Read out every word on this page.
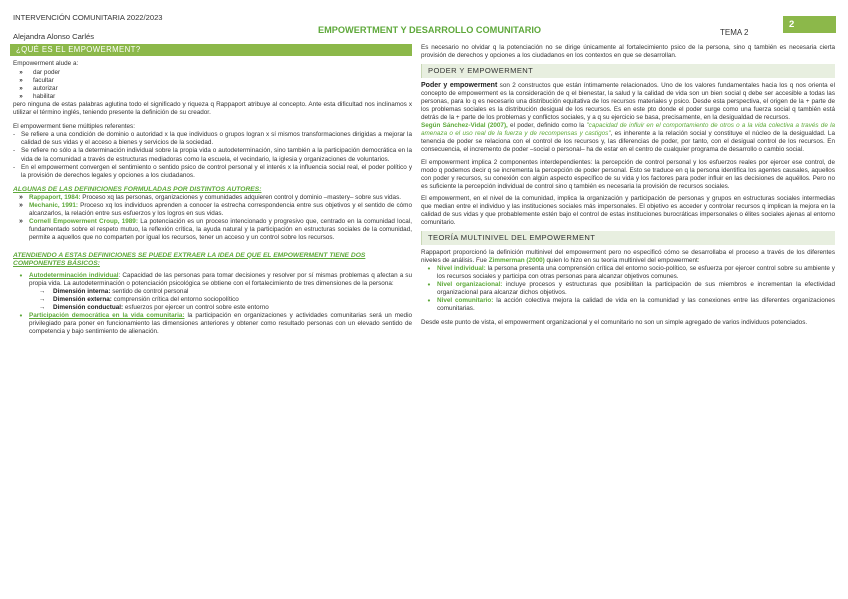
INTERVENCIÓN COMUNITARIA 2022/2023
Alejandra Alonso Carlés
EMPOWERTMENT Y DESARROLLO COMUNITARIO	TEMA 2
2
¿QUÉ ES EL EMPOWERMENT?

Empowerment alude a:

»	dar poder
»	facultar
»	autorizar
»	habilitar

pero ninguna de estas palabras aglutina todo el significado y riqueza q Rappaport atribuye al concepto. Ante esta dificultad nos inclinamos x utilizar el término inglés, teniendo presente la definición de su creador.

El empowerment tiene múltiples referentes:

- Se refiere a una condición de dominio o autoridad x la que individuos o grupos logran x sí mismos transformaciones dirigidas a mejorar la calidad de sus vidas y el acceso a bienes y servicios de la sociedad.
- Se refiere no sólo a la determinación individual sobre la propia vida o autodeterminación, sino también a la participación democrática en la vida de la comunidad a través de estructuras mediadoras como la escuela, el vecindario, la iglesia y organizaciones de voluntarios.
- En el empowerment convergen el sentimiento o sentido psico de control personal y el interés x la influencia social real, el poder político y la provisión de derechos legales y opciones a los ciudadanos.

ALGUNAS DE LAS DEFINICIONES FORMULADAS POR DISTINTOS AUTORES:

» Rappaport, 1984: Proceso xq las personas, organizaciones y comunidades adquieren control y dominio –mastery– sobre sus vidas.
» Mechanic, 1991: Proceso xq los individuos aprenden a conocer la estrecha correspondencia entre sus objetivos y el sentido de cómo alcanzarlos, la relación entre sus esfuerzos y los logros en sus vidas.
» Cornell Empowerment Croup, 1989: La potenciación es un proceso intencionado y progresivo que, centrado en la comunidad local, fundamentado sobre el respeto mutuo, la reflexión crítica, la ayuda natural y la participación en estructuras sociales de la comunidad, permite a aquellos que no comparten por igual los recursos, tener un acceso y un control sobre los recursos.

ATENDIENDO A ESTAS DEFINICIONES SE PUEDE EXTRAER LA IDEA DE QUE EL EMPOWERMENT TIENE DOS COMPONENTES BÁSICOS:

•	Autodeterminación individual: Capacidad de las personas para tomar decisiones y resolver por sí mismas problemas q afectan a su propia vida. La autodeterminación o potenciación psicológica se obtiene con el fortalecimiento de tres dimensiones de la persona:
→	Dimensión interna: sentido de control personal
→	Dimensión externa: comprensión crítica del entorno sociopolítico
→	Dimensión conductual: esfuerzos por ejercer un control sobre este entorno
•	Participación democrática en la vida comunitaria: la participación en organizaciones y actividades comunitarias será un medio privilegiado para poner en funcionamiento las dimensiones anteriores y obtener como resultado personas con un elevado sentido de competencia y bajo sentimiento de alienación.

Es necesario no olvidar q la potenciación no se dirige únicamente al fortalecimiento psico de la persona, sino q también es necesaria cierta provisión de derechos y opciones a los ciudadanos en los contextos en que se desarrollan.

PODER Y EMPOWERMENT

Poder y empowerment son 2 constructos que están íntimamente relacionados. Uno de los valores fundamentales hacia los q nos orienta el concepto de empowerment es la consideración de q el bienestar, la salud y la calidad de vida son un bien social q debe ser accesible a todas las personas, para lo q es necesario una distribución equitativa de los recursos materiales y psico. Desde esta perspectiva, el origen de la + parte de los problemas sociales es la distribución desigual de los recursos. Es en este pto donde el poder surge como una fuerza social q también está detrás de la + parte de los problemas y conflictos sociales, y a q su ejercicio se basa, precisamente, en la desigualdad de recursos.

Según Sánchez-Vidal (2007), el poder, definido como la "capacidad de influir en el comportamiento de otros o a la vida colectiva a través de la amenaza o el uso real de la fuerza y de recompensas y castigos", es inherente a la relación social y constituye el núcleo de la desigualdad. La tenencia de poder se relaciona con el control de los recursos y, las diferencias de poder, por tanto, con el desigual control de los recursos. En consecuencia, el incremento de poder –social o personal– ha de estar en el centro de cualquier programa de desarrollo o cambio social.

El empowerment implica 2 componentes interdependientes: la percepción de control personal y los esfuerzos reales por ejercer ese control, de modo q podemos decir q se incrementa la percepción de poder personal. Esto se traduce en q la persona identifica los agentes causales, aquellos con poder y recursos, su conexión con algún aspecto específico de su vida y los factores para poder influir en las decisiones de aquéllos. Pero no es suficiente la percepción individual de control sino q también es necesaria la provisión de recursos sociales.

El empowerment, en el nivel de la comunidad, implica la organización y participación de personas y grupos en estructuras sociales intermedias que median entre el individuo y las instituciones sociales más impersonales. El objetivo es acceder y controlar recursos q implican la mejora en la calidad de sus vidas y que probablemente estén bajo el control de estas instituciones burocráticas impersonales o élites sociales ajenas al entorno comunitario.

TEORÍA MULTINIVEL DEL EMPOWERMENT

Rappaport proporcionó la definición multinivel del empowerment pero no especificó cómo se desarrollaba el proceso a través de los diferentes niveles de análisis. Fue Zimmerman (2000) quien lo hizo en su teoría multinivel del empowerment:

•	Nivel individual: la persona presenta una comprensión crítica del entorno socio-político, se esfuerza por ejercer control sobre su ambiente y los recursos sociales y participa con otras personas para alcanzar objetivos comunes.
•	Nivel organizacional: incluye procesos y estructuras que posibilitan la participación de sus miembros e incrementan la efectividad organizacional para alcanzar dichos objetivos.
•	Nivel comunitario: la acción colectiva mejora la calidad de vida en la comunidad y las conexiones entre las diferentes organizaciones comunitarias.

Desde este punto de vista, el empowerment organizacional y el comunitario no son un simple agregado de varios individuos potenciados.
